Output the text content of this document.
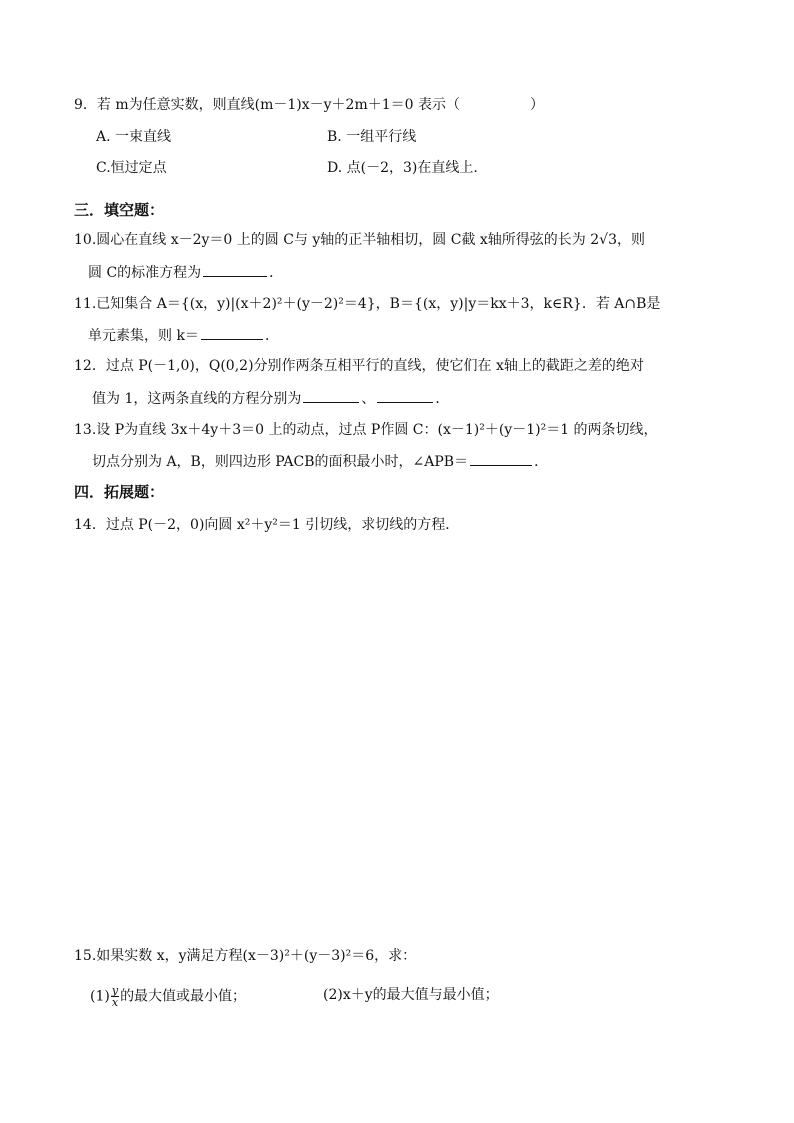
9．若 m为任意实数，则直线(m－1)x－y＋2m＋1＝0 表示（	）
A. 一束直线	B. 一组平行线
C.恒过定点	D. 点(－2，3)在直线上.
三．填空题：
10.圆心在直线 x－2y＝0 上的圆 C与 y轴的正半轴相切，圆 C截 x轴所得弦的长为 2√3，则
圆 C的标准方程为	．
11.已知集合 A＝{(x，y)|(x＋2)²＋(y－2)²＝4}，B＝{(x，y)|y＝kx＋3，k∈R}．若 A∩B是
单元素集，则 k＝	．
12．过点 P(－1,0)，Q(0,2)分别作两条互相平行的直线，使它们在 x轴上的截距之差的绝对
值为 1，这两条直线的方程分别为	、	．
13.设 P为直线 3x＋4y＋3＝0 上的动点，过点 P作圆 C：(x－1)²＋(y－1)²＝1 的两条切线，
切点分别为 A，B，则四边形 PACB的面积最小时，∠APB＝	．
四．拓展题：
14．过点 P(－2，0)向圆 x²＋y²＝1 引切线，求切线的方程．
15.如果实数 x，y满足方程(x－3)²＋(y－3)²＝6，求：
$(1) \frac{y}{x}$ 的最大值或最小值；	(2)x＋y的最大值与最小值；
